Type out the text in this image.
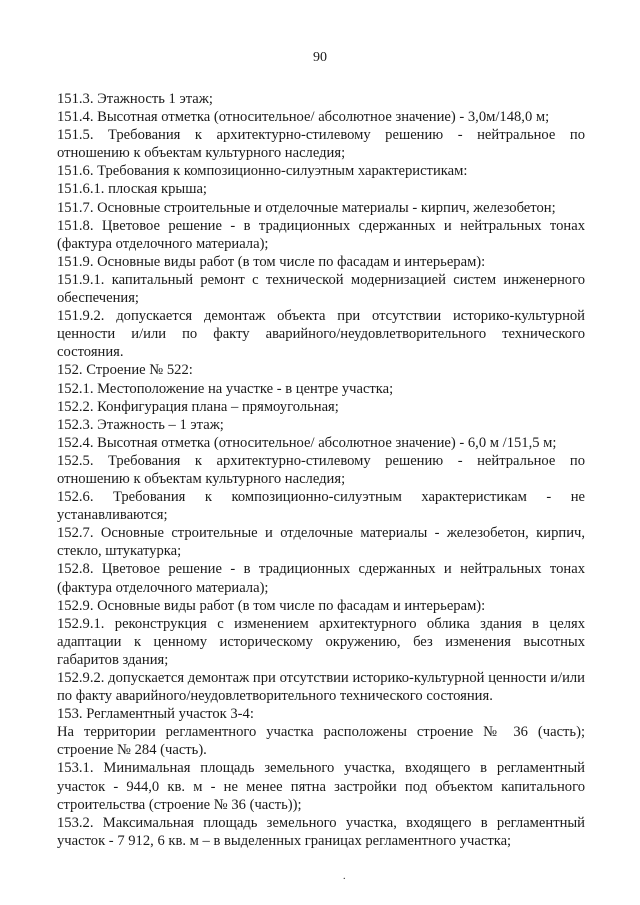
90

151.3. Этажность 1 этаж;

151.4. Высотная отметка (относительное/ абсолютное значение) - 3,0м/148,0 м;

151.5. Требования к архитектурно-стилевому решению - нейтральное по отношению к объектам культурного наследия;

151.6. Требования к композиционно-силуэтным характеристикам:

151.6.1. плоская крыша;

151.7. Основные строительные и отделочные материалы - кирпич, железобетон;

151.8. Цветовое решение - в традиционных сдержанных и нейтральных тонах (фактура отделочного материала);

151.9. Основные виды работ (в том числе по фасадам и интерьерам):

151.9.1. капитальный ремонт с технической модернизацией систем инженерного обеспечения;

151.9.2. допускается демонтаж объекта при отсутствии историко-культурной ценности и/или по факту аварийного/неудовлетворительного технического состояния.

152. Строение № 522:

152.1. Местоположение на участке - в центре участка;

152.2. Конфигурация плана – прямоугольная;

152.3. Этажность – 1 этаж;

152.4. Высотная отметка (относительное/ абсолютное значение) - 6,0 м /151,5 м;

152.5. Требования к архитектурно-стилевому решению - нейтральное по отношению к объектам культурного наследия;

152.6. Требования к композиционно-силуэтным характеристикам - не устанавливаются;

152.7. Основные строительные и отделочные материалы - железобетон, кирпич, стекло, штукатурка;

152.8. Цветовое решение - в традиционных сдержанных и нейтральных тонах (фактура отделочного материала);

152.9. Основные виды работ (в том числе по фасадам и интерьерам):

152.9.1. реконструкция с изменением архитектурного облика здания в целях адаптации к ценному историческому окружению, без изменения высотных габаритов здания;

152.9.2. допускается демонтаж при отсутствии историко-культурной ценности и/или по факту аварийного/неудовлетворительного технического состояния.

153. Регламентный участок 3-4:

На территории регламентного участка расположены строение № 36 (часть); строение № 284 (часть).

153.1. Минимальная площадь земельного участка, входящего в регламентный участок - 944,0 кв. м - не менее пятна застройки под объектом капитального строительства (строение № 36 (часть));

153.2. Максимальная площадь земельного участка, входящего в регламентный участок - 7 912, 6 кв. м – в выделенных границах регламентного участка;

.
